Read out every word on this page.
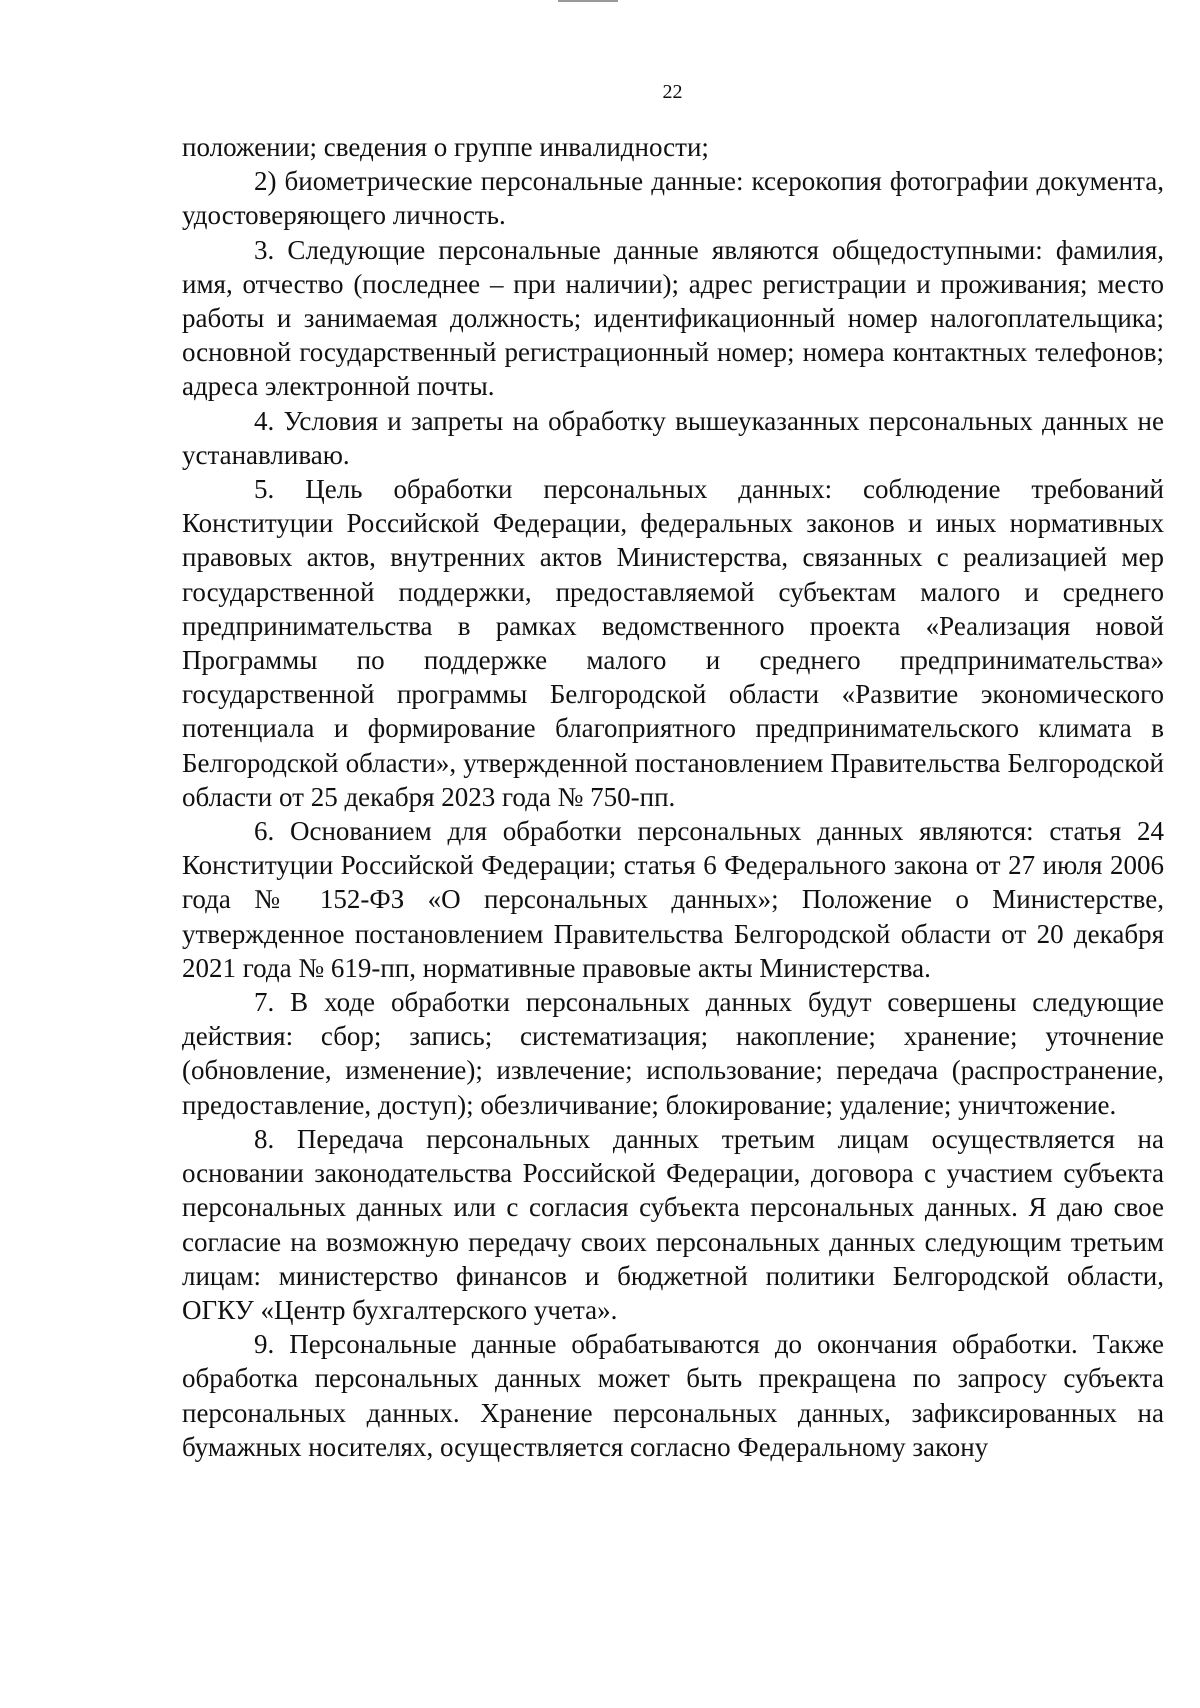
22

положении; сведения о группе инвалидности;

2) биометрические персональные данные: ксерокопия фотографии документа, удостоверяющего личность.

3. Следующие персональные данные являются общедоступными: фамилия, имя, отчество (последнее – при наличии); адрес регистрации и проживания; место работы и занимаемая должность; идентификационный номер налогоплательщика; основной государственный регистрационный номер; номера контактных телефонов; адреса электронной почты.

4. Условия и запреты на обработку вышеуказанных персональных данных не устанавливаю.

5. Цель обработки персональных данных: соблюдение требований Конституции Российской Федерации, федеральных законов и иных нормативных правовых актов, внутренних актов Министерства, связанных с реализацией мер государственной поддержки, предоставляемой субъектам малого и среднего предпринимательства в рамках ведомственного проекта «Реализация новой Программы по поддержке малого и среднего предпринимательства» государственной программы Белгородской области «Развитие экономического потенциала и формирование благоприятного предпринимательского климата в Белгородской области», утвержденной постановлением Правительства Белгородской области от 25 декабря 2023 года № 750-пп.

6. Основанием для обработки персональных данных являются: статья 24 Конституции Российской Федерации; статья 6 Федерального закона от 27 июля 2006 года № 152-ФЗ «О персональных данных»; Положение о Министерстве, утвержденное постановлением Правительства Белгородской области от 20 декабря 2021 года № 619-пп, нормативные правовые акты Министерства.

7. В ходе обработки персональных данных будут совершены следующие действия: сбор; запись; систематизация; накопление; хранение; уточнение (обновление, изменение); извлечение; использование; передача (распространение, предоставление, доступ); обезличивание; блокирование; удаление; уничтожение.

8. Передача персональных данных третьим лицам осуществляется на основании законодательства Российской Федерации, договора с участием субъекта персональных данных или с согласия субъекта персональных данных. Я даю свое согласие на возможную передачу своих персональных данных следующим третьим лицам: министерство финансов и бюджетной политики Белгородской области, ОГКУ «Центр бухгалтерского учета».

9. Персональные данные обрабатываются до окончания обработки. Также обработка персональных данных может быть прекращена по запросу субъекта персональных данных. Хранение персональных данных, зафиксированных на бумажных носителях, осуществляется согласно Федеральному закону
